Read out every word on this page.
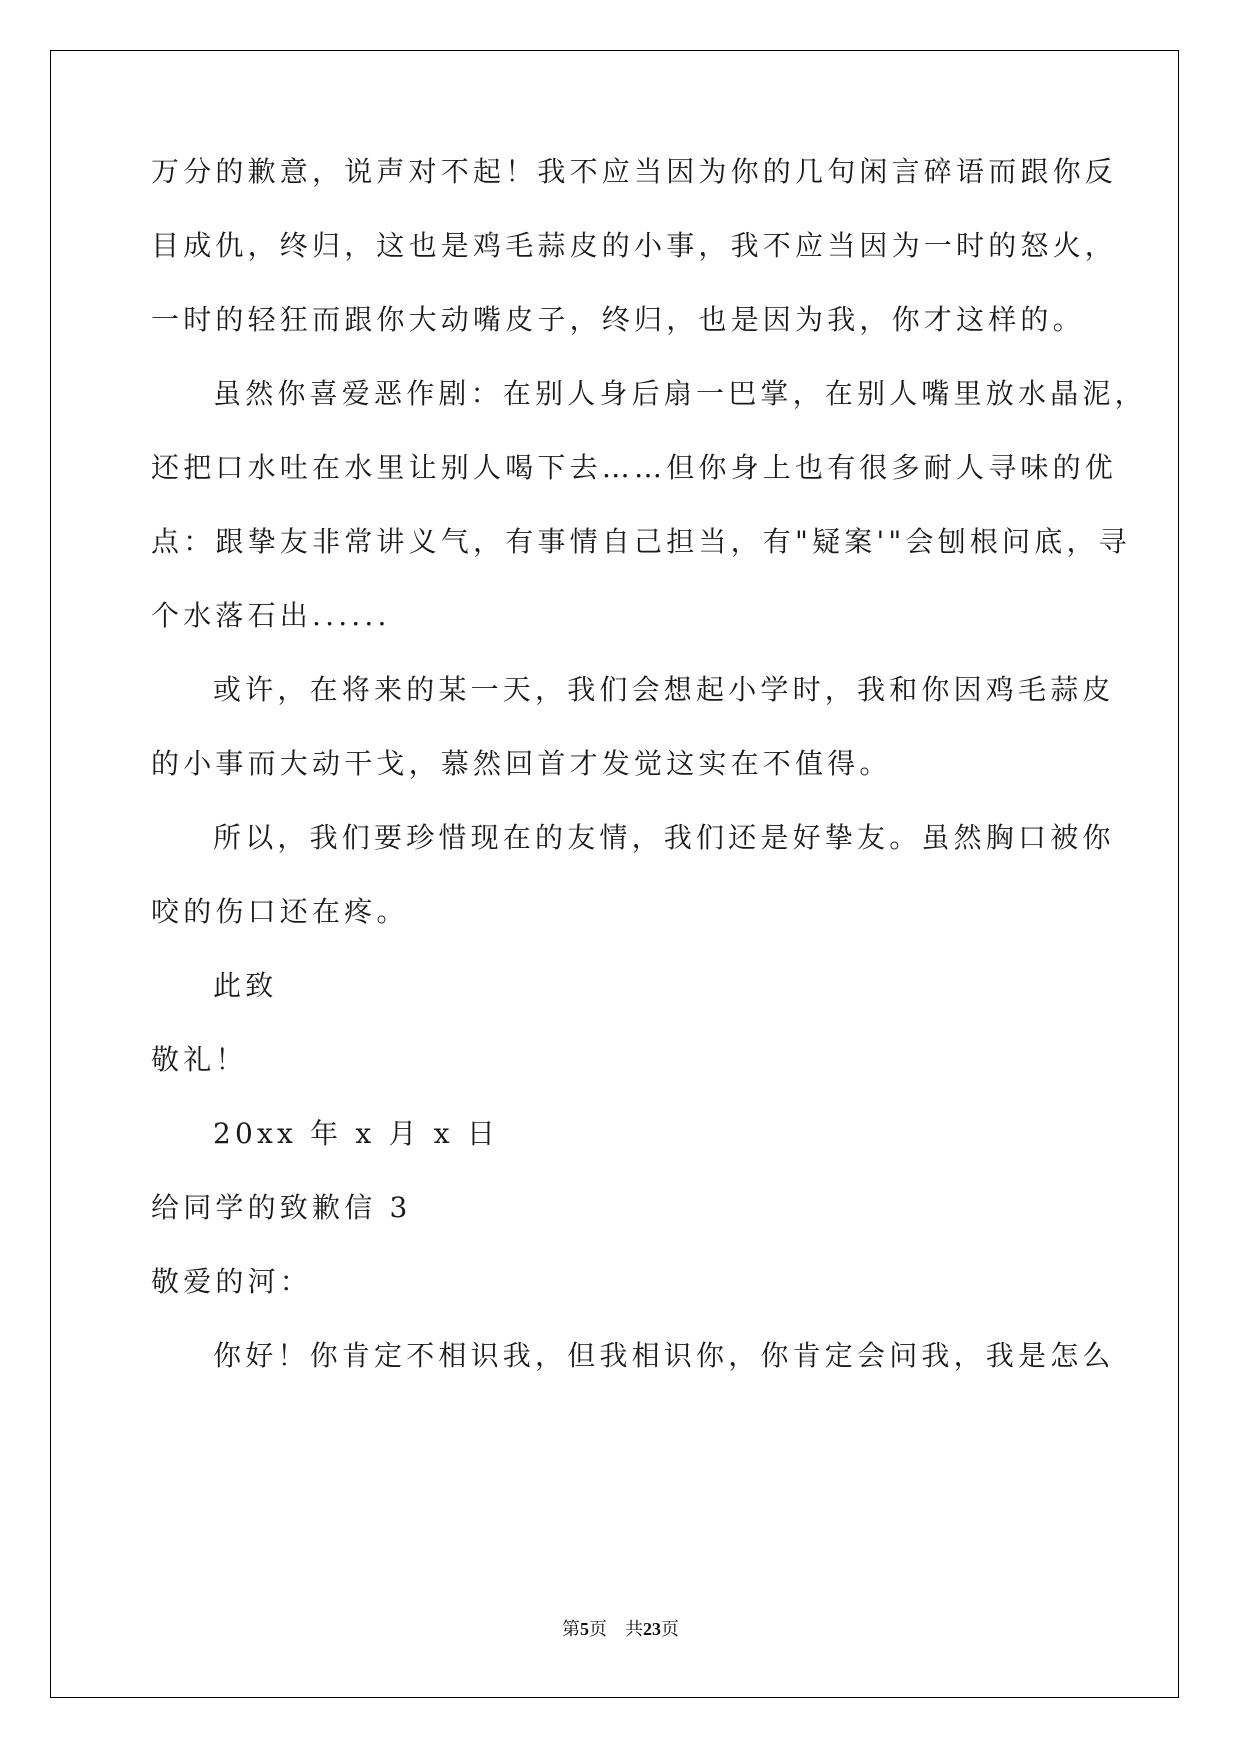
万分的歉意，说声对不起！我不应当因为你的几句闲言碎语而跟你反
目成仇，终归，这也是鸡毛蒜皮的小事，我不应当因为一时的怒火，
一时的轻狂而跟你大动嘴皮子，终归，也是因为我，你才这样的。
虽然你喜爱恶作剧：在别人身后扇一巴掌，在别人嘴里放水晶泥，
还把口水吐在水里让别人喝下去……但你身上也有很多耐人寻味的优
点：跟挚友非常讲义气，有事情自己担当，有"疑案'"会刨根问底，寻
个水落石出......
或许，在将来的某一天，我们会想起小学时，我和你因鸡毛蒜皮
的小事而大动干戈，慕然回首才发觉这实在不值得。
所以，我们要珍惜现在的友情，我们还是好挚友。虽然胸口被你
咬的伤口还在疼。
此致
敬礼！
20xx 年 x 月 x 日
给同学的致歉信 3
敬爱的河：
你好！你肯定不相识我，但我相识你，你肯定会问我，我是怎么
第5页　共23页
